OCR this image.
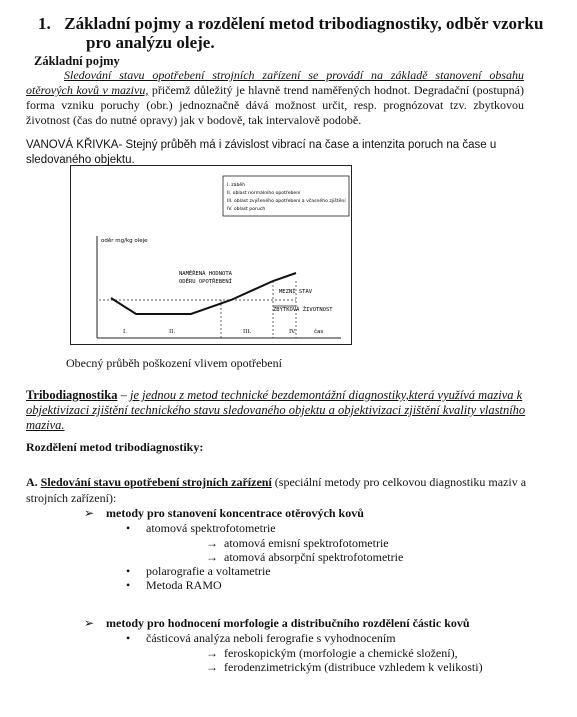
1. Základní pojmy a rozdělení metod tribodiagnostiky, odběr vzorku
pro analýzu oleje.
Základní pojmy
Sledování stavu opotřebení strojních zařízení se provádí na základě stanovení obsahu otěrových kovů v mazivu, přičemž důležitý je hlavně trend naměřených hodnot. Degradační (postupná) forma vzniku poruchy (obr.) jednoznačně dává možnost určit, resp. prognózovat tzv. zbytkovou životnost (čas do nutné opravy) jak v bodově, tak intervalově podobě.
VANOVÁ KŘIVKA- Stejný průběh má i závislost vibrací na čase a intenzita poruch na čase u sledovaného objektu.
I. záběh
II. oblast normálního opotřebení
III. oblast zvýšeného opotřebení a včasného zjištění
IV. oblast poruch
oděr mg/kg oleje
NAMĚŘENÁ HODNOTA
ODĚRU OPOTŘEBENÍ
MEZNÍ STAV
ZBYTKOVÁ ŽIVOTNOST
I.	II.	III.	IV.	čas
Obecný průběh poškození vlivem opotřebení
Tribodiagnostika – je jednou z metod technické bezdemontážní diagnostiky,která využívá maziva k objektivizaci zjištění technického stavu sledovaného objektu a objektivizaci zjištění kvality vlastního maziva.
Rozdělení metod tribodiagnostiky:
A. Sledování stavu opotřebení strojních zařízení (speciální metody pro celkovou diagnostiku maziv a strojních zařízení):
➢ metody pro stanovení koncentrace otěrových kovů
• atomová spektrofotometrie
→ atomová emisní spektrofotometrie
→ atomová absorpční spektrofotometrie
• polarografie a voltametrie
• Metoda RAMO
➢ metody pro hodnocení morfologie a distribučního rozdělení částic kovů
• částicová analýza neboli ferografie s vyhodnocením
→ feroskopickým (morfologie a chemické složení),
→ ferodenzimetrickým (distribuce vzhledem k velikosti)
